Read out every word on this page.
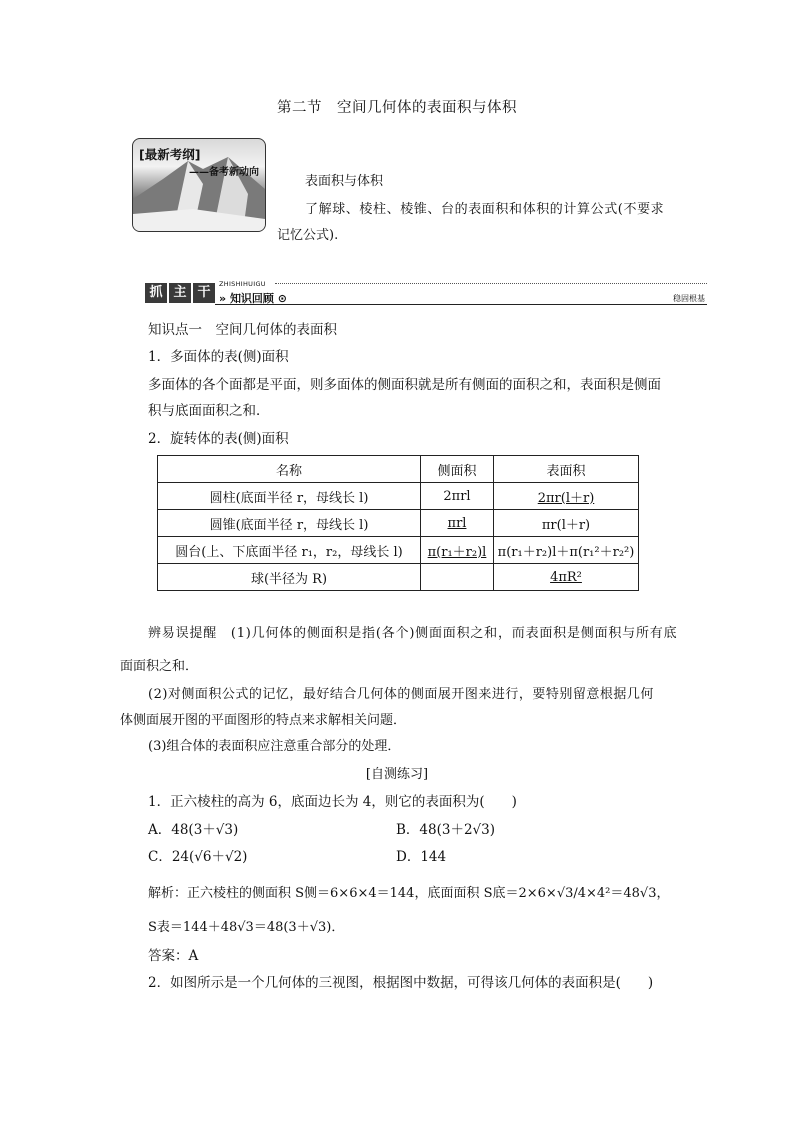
第二节　空间几何体的表面积与体积
[最新考纲]
——备考新动向
表面积与体积
了解球、棱柱、棱锥、台的表面积和体积的计算公式(不要求
记忆公式).
抓 主 干
ZHISHIHUIGU
» 知识回顾 ⊙	稳固根基
知识点一　空间几何体的表面积
1．多面体的表(侧)面积
多面体的各个面都是平面，则多面体的侧面积就是所有侧面的面积之和，表面积是侧面
积与底面面积之和．
2．旋转体的表(侧)面积
名称	侧面积	表面积
圆柱(底面半径 r，母线长 l)	2πrl	2πr(l＋r)
圆锥(底面半径 r，母线长 l)	πrl	πr(l＋r)
圆台(上、下底面半径 r₁，r₂，母线长 l)	π(r₁＋r₂)l	π(r₁＋r₂)l＋π(r₁²＋r₂²)
球(半径为 R)		4πR²
辨易误提醒　 (1)几何体的侧面积是指(各个)侧面面积之和，而表面积是侧面积与所有底
面面积之和．
(2)对侧面积公式的记忆，最好结合几何体的侧面展开图来进行，要特别留意根据几何
体侧面展开图的平面图形的特点来求解相关问题．
(3)组合体的表面积应注意重合部分的处理．
[自测练习]
1．正六棱柱的高为 6，底面边长为 4，则它的表面积为(　　)
A．48(3＋√3)	B．48(3＋2√3)
C．24(√6＋√2)	D．144
解析：正六棱柱的侧面积 S侧＝6×6×4＝144，底面面积 S底＝2×6×√3/4×4²＝48√3，
S表＝144＋48√3＝48(3＋√3)．
答案：A
2．如图所示是一个几何体的三视图，根据图中数据，可得该几何体的表面积是(　　)
